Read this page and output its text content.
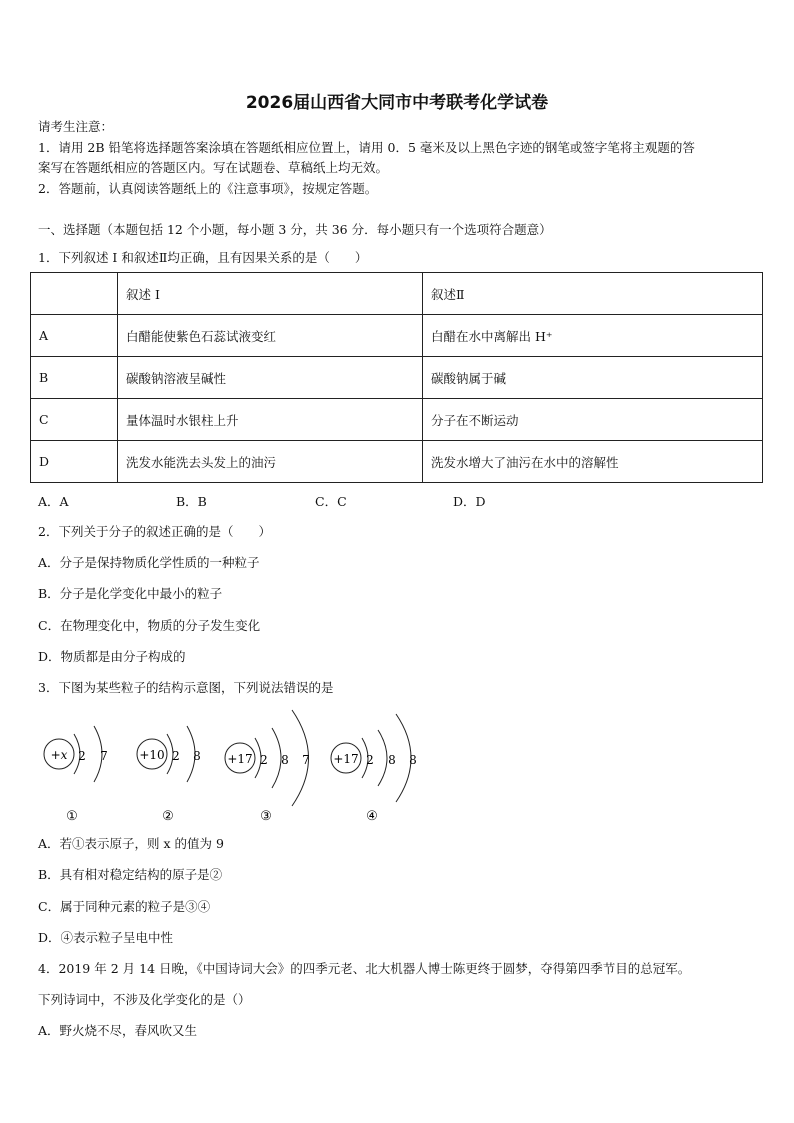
2026届山西省大同市中考联考化学试卷
请考生注意：
1．请用 2B 铅笔将选择题答案涂填在答题纸相应位置上，请用 0．5 毫米及以上黑色字迹的钢笔或签字笔将主观题的答
案写在答题纸相应的答题区内。写在试题卷、草稿纸上均无效。
2．答题前，认真阅读答题纸上的《注意事项》，按规定答题。
一、选择题（本题包括 12 个小题，每小题 3 分，共 36 分．每小题只有一个选项符合题意）
1．下列叙述 I 和叙述Ⅱ均正确，且有因果关系的是（　　）
	叙述 I	叙述Ⅱ
A	白醋能使紫色石蕊试液变红	白醋在水中离解出 H⁺
B	碳酸钠溶液呈碱性	碳酸钠属于碱
C	量体温时水银柱上升	分子在不断运动
D	洗发水能洗去头发上的油污	洗发水增大了油污在水中的溶解性
A．A	B．B	C．C	D．D
2．下列关于分子的叙述正确的是（　　）
A．分子是保持物质化学性质的一种粒子
B．分子是化学变化中最小的粒子
C．在物理变化中，物质的分子发生变化
D．物质都是由分子构成的
3．下图为某些粒子的结构示意图，下列说法错误的是
+x 2 7
①
+10 2 8
②
+17 2 8 7
③
+17 2 8 8
④
A．若①表示原子，则 x 的值为 9
B．具有相对稳定结构的原子是②
C．属于同种元素的粒子是③④
D．④表示粒子呈电中性
4．2019 年 2 月 14 日晚，《中国诗词大会》的四季元老、北大机器人博士陈更终于圆梦，夺得第四季节目的总冠军。
下列诗词中，不涉及化学变化的是（）
A．野火烧不尽，春风吹又生
